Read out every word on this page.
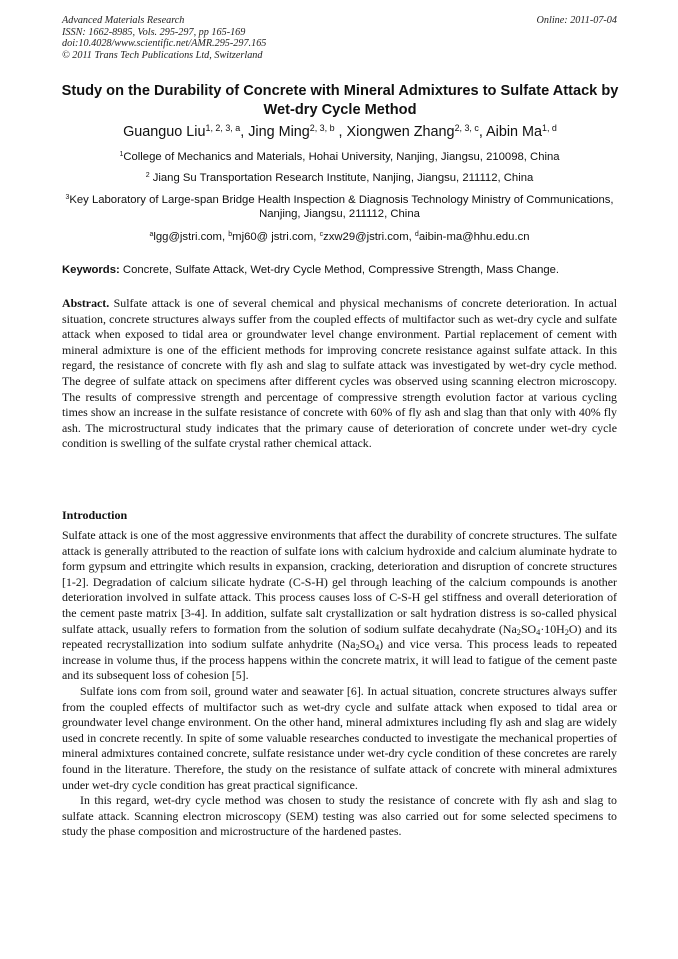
Advanced Materials Research
ISSN: 1662-8985, Vols. 295-297, pp 165-169
doi:10.4028/www.scientific.net/AMR.295-297.165
© 2011 Trans Tech Publications Ltd, Switzerland
Online: 2011-07-04
Study on the Durability of Concrete with Mineral Admixtures to Sulfate Attack by Wet-dry Cycle Method
Guanguo Liu$^{1, 2, 3, a}$, Jing Ming$^{2, 3, b}$ , Xiongwen Zhang$^{2, 3, c}$, Aibin Ma$^{1, d}$
$^1$College of Mechanics and Materials, Hohai University, Nanjing, Jiangsu, 210098, China
$^2$ Jiang Su Transportation Research Institute, Nanjing, Jiangsu, 211112, China
$^3$Key Laboratory of Large-span Bridge Health Inspection & Diagnosis Technology Ministry of Communications, Nanjing, Jiangsu, 211112, China
$^a$lgg@jstri.com, $^b$mj60@ jstri.com, $^c$zxw29@jstri.com, $^d$aibin-ma@hhu.edu.cn
Keywords: Concrete, Sulfate Attack, Wet-dry Cycle Method, Compressive Strength, Mass Change.
Abstract. Sulfate attack is one of several chemical and physical mechanisms of concrete deterioration. In actual situation, concrete structures always suffer from the coupled effects of multifactor such as wet-dry cycle and sulfate attack when exposed to tidal area or groundwater level change environment. Partial replacement of cement with mineral admixture is one of the efficient methods for improving concrete resistance against sulfate attack. In this regard, the resistance of concrete with fly ash and slag to sulfate attack was investigated by wet-dry cycle method. The degree of sulfate attack on specimens after different cycles was observed using scanning electron microscopy. The results of compressive strength and percentage of compressive strength evolution factor at various cycling times show an increase in the sulfate resistance of concrete with 60% of fly ash and slag than that only with 40% fly ash. The microstructural study indicates that the primary cause of deterioration of concrete under wet-dry cycle condition is swelling of the sulfate crystal rather chemical attack.
Introduction

Sulfate attack is one of the most aggressive environments that affect the durability of concrete structures. The sulfate attack is generally attributed to the reaction of sulfate ions with calcium hydroxide and calcium aluminate hydrate to form gypsum and ettringite which results in expansion, cracking, deterioration and disruption of concrete structures [1-2]. Degradation of calcium silicate hydrate (C-S-H) gel through leaching of the calcium compounds is another deterioration involved in sulfate attack. This process causes loss of C-S-H gel stiffness and overall deterioration of the cement paste matrix [3-4]. In addition, sulfate salt crystallization or salt hydration distress is so-called physical sulfate attack, usually refers to formation from the solution of sodium sulfate decahydrate $(Na_2SO_4\cdot 10H_2O)$ and its repeated recrystallization into sodium sulfate anhydrite $(Na_2SO_4)$ and vice versa. This process leads to repeated increase in volume thus, if the process happens within the concrete matrix, it will lead to fatigue of the cement paste and its subsequent loss of cohesion [5].

Sulfate ions com from soil, ground water and seawater [6]. In actual situation, concrete structures always suffer from the coupled effects of multifactor such as wet-dry cycle and sulfate attack when exposed to tidal area or groundwater level change environment. On the other hand, mineral admixtures including fly ash and slag are widely used in concrete recently. In spite of some valuable researches conducted to investigate the mechanical properties of mineral admixtures contained concrete, sulfate resistance under wet-dry cycle condition of these concretes are rarely found in the literature. Therefore, the study on the resistance of sulfate attack of concrete with mineral admixtures under wet-dry cycle condition has great practical significance.

In this regard, wet-dry cycle method was chosen to study the resistance of concrete with fly ash and slag to sulfate attack. Scanning electron microscopy (SEM) testing was also carried out for some selected specimens to study the phase composition and microstructure of the hardened pastes.
